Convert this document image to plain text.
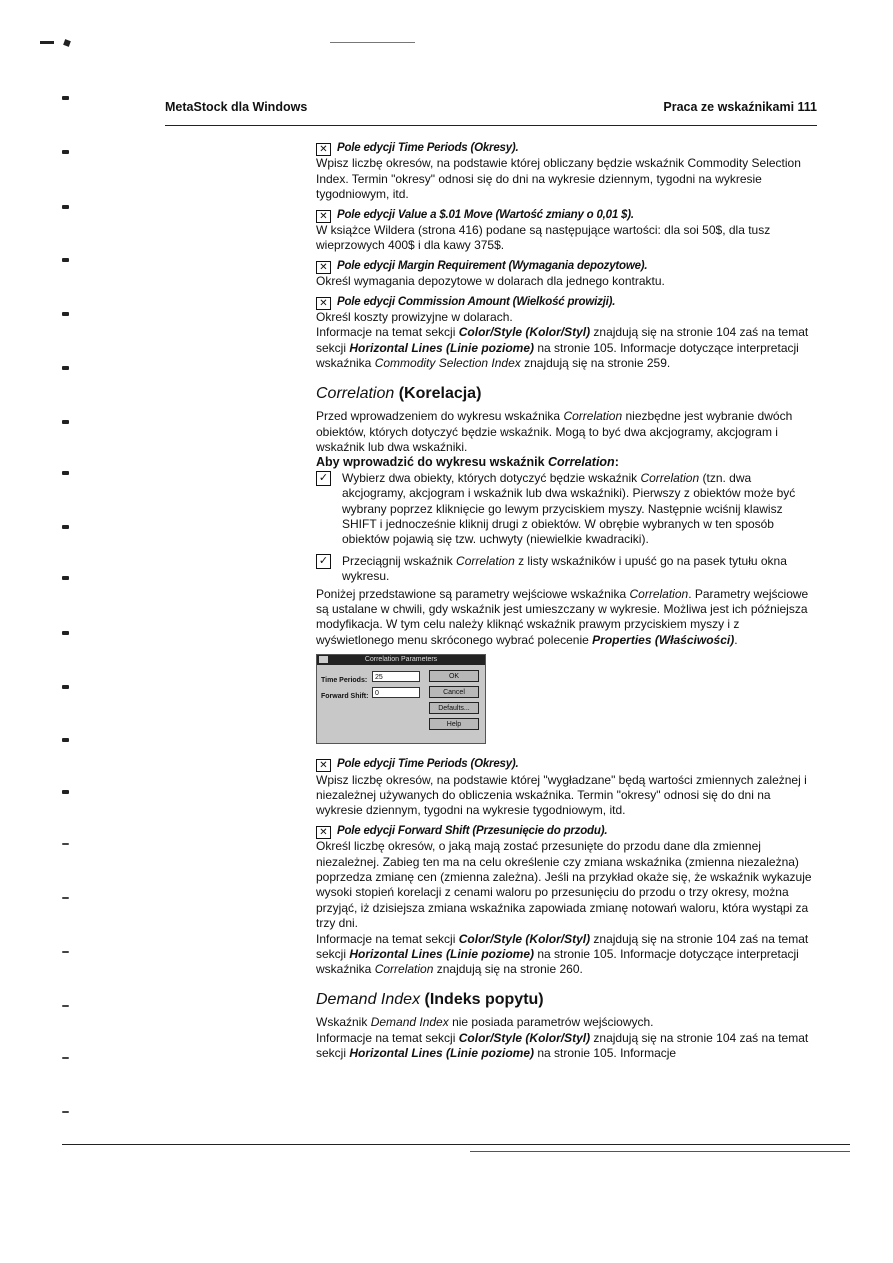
MetaStock dla Windows	Praca ze wskaźnikami 111

✕ Pole edycji Time Periods (Okresy).

Wpisz liczbę okresów, na podstawie której obliczany będzie wskaźnik Commodity Selection Index. Termin "okresy" odnosi się do dni na wykresie dziennym, tygodni na wykresie tygodniowym, itd.

✕ Pole edycji Value a $.01 Move (Wartość zmiany o 0,01 $).

W książce Wildera (strona 416) podane są następujące wartości: dla soi 50$, dla tusz wieprzowych 400$ i dla kawy 375$.

✕ Pole edycji Margin Requirement (Wymagania depozytowe).

Określ wymagania depozytowe w dolarach dla jednego kontraktu.

✕ Pole edycji Commission Amount (Wielkość prowizji).

Określ koszty prowizyjne w dolarach.

Informacje na temat sekcji Color/Style (Kolor/Styl) znajdują się na stronie 104 zaś na temat sekcji Horizontal Lines (Linie poziome) na stronie 105. Informacje dotyczące interpretacji wskaźnika Commodity Selection Index znajdują się na stronie 259.

Correlation (Korelacja)

Przed wprowadzeniem do wykresu wskaźnika Correlation niezbędne jest wybranie dwóch obiektów, których dotyczyć będzie wskaźnik. Mogą to być dwa akcjogramy, akcjogram i wskaźnik lub dwa wskaźniki.

Aby wprowadzić do wykresu wskaźnik Correlation:

✓ Wybierz dwa obiekty, których dotyczyć będzie wskaźnik Correlation (tzn. dwa akcjogramy, akcjogram i wskaźnik lub dwa wskaźniki). Pierwszy z obiektów może być wybrany poprzez kliknięcie go lewym przyciskiem myszy. Następnie wciśnij klawisz SHIFT i jednocześnie kliknij drugi z obiektów. W obrębie wybranych w ten sposób obiektów pojawią się tzw. uchwyty (niewielkie kwadraciki).
✓ Przeciągnij wskaźnik Correlation z listy wskaźników i upuść go na pasek tytułu okna wykresu.

Poniżej przedstawione są parametry wejściowe wskaźnika Correlation. Parametry wejściowe są ustalane w chwili, gdy wskaźnik jest umieszczany w wykresie. Możliwa jest ich późniejsza modyfikacja. W tym celu należy kliknąć wskaźnik prawym przyciskiem myszy i z wyświetlonego menu skróconego wybrać polecenie Properties (Właściwości).

Correlation Parameters
Time Periods:	25
Forward Shift: 0
OK
Cancel
Defaults...
Help

✕ Pole edycji Time Periods (Okresy).

Wpisz liczbę okresów, na podstawie której "wygładzane" będą wartości zmiennych zależnej i niezależnej używanych do obliczenia wskaźnika. Termin "okresy" odnosi się do dni na wykresie dziennym, tygodni na wykresie tygodniowym, itd.

✕ Pole edycji Forward Shift (Przesunięcie do przodu).

Określ liczbę okresów, o jaką mają zostać przesunięte do przodu dane dla zmiennej niezależnej. Zabieg ten ma na celu określenie czy zmiana wskaźnika (zmienna niezależna) poprzedza zmianę cen (zmienna zależna). Jeśli na przykład okaże się, że wskaźnik wykazuje wysoki stopień korelacji z cenami waloru po przesunięciu do przodu o trzy okresy, można przyjąć, iż dzisiejsza zmiana wskaźnika zapowiada zmianę notowań waloru, która wystąpi za trzy dni.

Informacje na temat sekcji Color/Style (Kolor/Styl) znajdują się na stronie 104 zaś na temat sekcji Horizontal Lines (Linie poziome) na stronie 105. Informacje dotyczące interpretacji wskaźnika Correlation znajdują się na stronie 260.

Demand Index (Indeks popytu)

Wskaźnik Demand Index nie posiada parametrów wejściowych.

Informacje na temat sekcji Color/Style (Kolor/Styl) znajdują się na stronie 104 zaś na temat sekcji Horizontal Lines (Linie poziome) na stronie 105. Informacje
